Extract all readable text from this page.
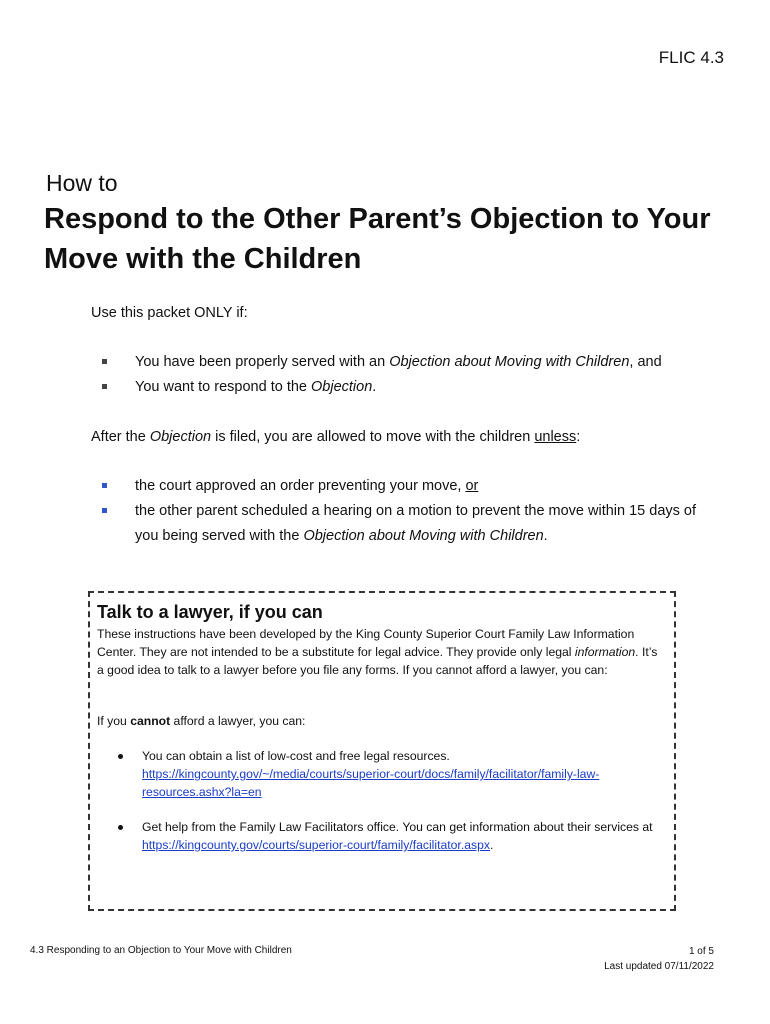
FLIC 4.3
How to
Respond to the Other Parent’s Objection to Your Move with the Children
Use this packet ONLY if:
You have been properly served with an Objection about Moving with Children, and
You want to respond to the Objection.
After the Objection is filed, you are allowed to move with the children unless:
the court approved an order preventing your move, or
the other parent scheduled a hearing on a motion to prevent the move within 15 days of you being served with the Objection about Moving with Children.
Talk to a lawyer, if you can
These instructions have been developed by the King County Superior Court Family Law Information Center. They are not intended to be a substitute for legal advice. They provide only legal information. It’s a good idea to talk to a lawyer before you file any forms. If you cannot afford a lawyer, you can:
If you cannot afford a lawyer, you can:
You can obtain a list of low-cost and free legal resources.
https://kingcounty.gov/~/media/courts/superior-court/docs/family/facilitator/family-law-resources.ashx?la=en
Get help from the Family Law Facilitators office. You can get information about their services at https://kingcounty.gov/courts/superior-court/family/facilitator.aspx.
4.3 Responding to an Objection to Your Move with Children	1 of 5
Last updated 07/11/2022
